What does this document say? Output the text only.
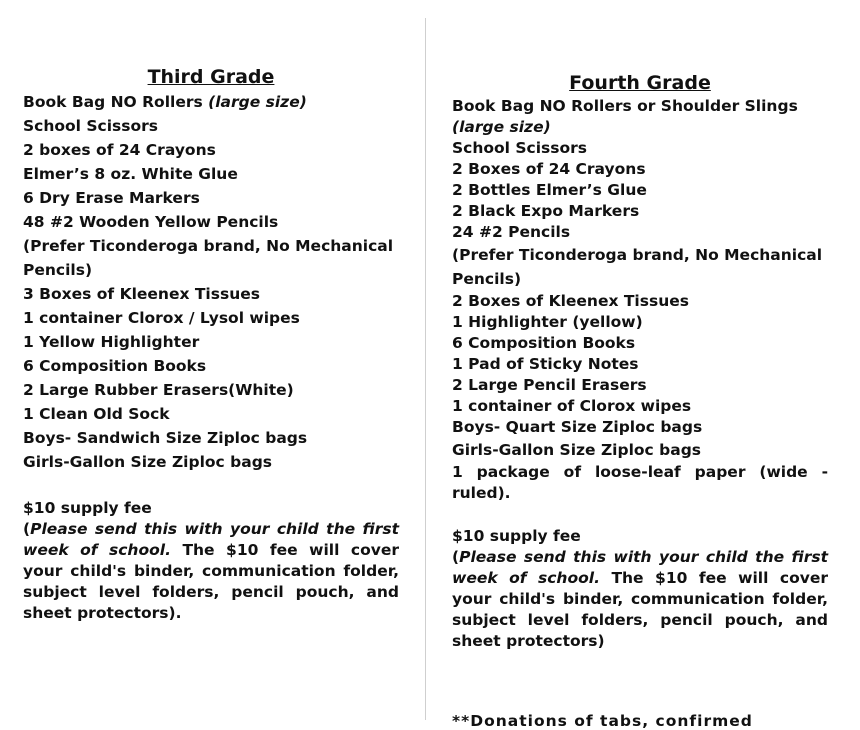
Third Grade

Book Bag NO Rollers (large size)

School Scissors

2 boxes of 24 Crayons

Elmer’s 8 oz. White Glue

6 Dry Erase Markers

48 #2 Wooden Yellow Pencils

(Prefer Ticonderoga brand, No Mechanical Pencils)

3 Boxes of Kleenex Tissues

1 container Clorox / Lysol wipes

1 Yellow Highlighter

6 Composition Books

2 Large Rubber Erasers(White)

1 Clean Old Sock

Boys- Sandwich Size Ziploc bags

Girls-Gallon Size Ziploc bags

$10 supply fee

(Please send this with your child the first week of school. The $10 fee will cover your child's binder, communication folder, subject level folders, pencil pouch, and sheet protectors).

Fourth Grade

Book Bag NO Rollers or Shoulder Slings

(large size)

School Scissors

2 Boxes of 24 Crayons

2 Bottles Elmer’s Glue

2 Black Expo Markers

24 #2 Pencils

(Prefer Ticonderoga brand, No Mechanical Pencils)

2 Boxes of Kleenex Tissues

1 Highlighter (yellow)

6 Composition Books

1 Pad of Sticky Notes

2 Large Pencil Erasers

1 container of Clorox wipes

Boys- Quart Size Ziploc bags

Girls-Gallon Size Ziploc bags

1 package of loose-leaf paper (wide - ruled).

$10 supply fee

(Please send this with your child the first week of school. The $10 fee will cover your child's binder, communication folder, subject level folders, pencil pouch, and sheet protectors)

**Donations of tabs, confirmed
